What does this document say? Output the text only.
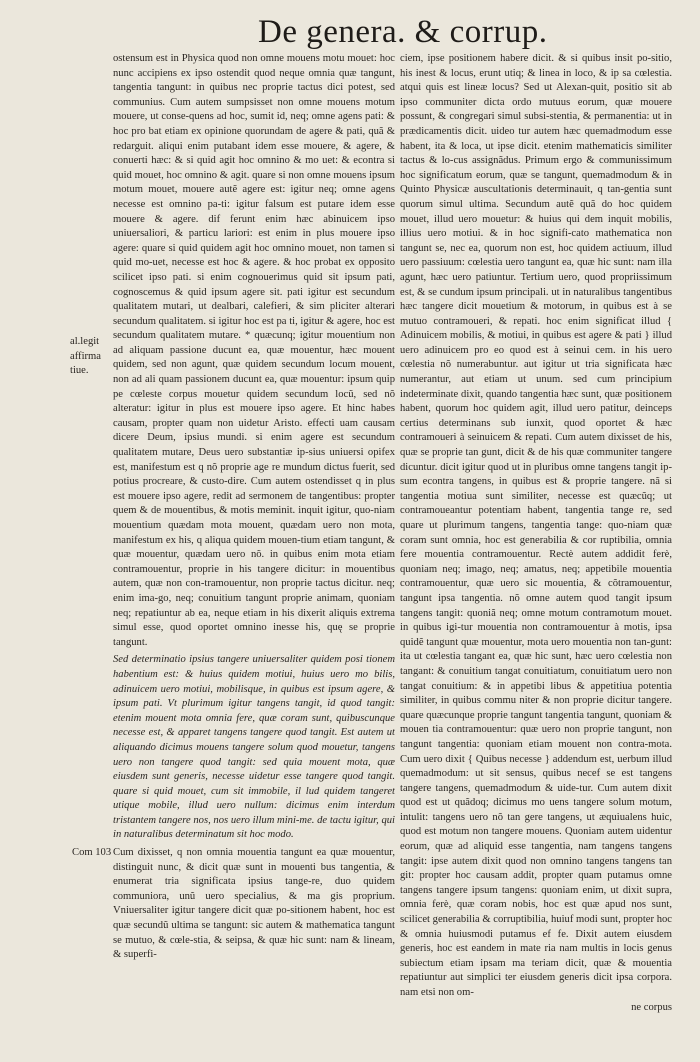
De genera. & corrup.
al.legit affirma tiue.
Com 103

ostensum est in Physica quod non omne mouens motu mouet: hoc nunc accipiens ex ipso ostendit quod neque omnia quæ tangunt, tangentia tangunt: in quibus nec proprie tactus dici potest, sed communius. Cum autem sumpsisset non omne mouens motum mouere, ut conse-quens ad hoc, sumit id, neq; omne agens pati: & hoc pro bat etiam ex opinione quorundam de agere & pati, quã & redarguit. aliqui enim putabant idem esse mouere, & agere, & conuerti hæc: & si quid agit hoc omnino & mo uet: & econtra si quid mouet, hoc omnino & agit. quare si non omne mouens ipsum motum mouet, mouere autẽ agere est: igitur neq; omne agens necesse est omnino pa-ti: igitur falsum est putare idem esse mouere & agere. dif ferunt enim hæc abinuicem ipso uniuersaliori, & particu lariori: est enim in plus mouere ipso agere: quare si quid quidem agit hoc omnino mouet, non tamen si quid mo-uet, necesse est hoc & agere. & hoc probat ex opposito scilicet ipso pati. si enim cognouerimus quid sit ipsum pati, cognoscemus & quid ipsum agere sit. pati igitur est secundum qualitatem mutari, ut dealbari, calefieri, & sim pliciter alterari secundum qualitatem. si igitur hoc est pa ti, igitur & agere, hoc est secundum qualitatem mutare. * quæcunq; igitur mouentium non ad aliquam passione ducunt ea, quæ mouentur, hæc mouent quidem, sed non agunt, quæ quidem secundum locum mouent, non ad ali quam passionem ducunt ea, quæ mouentur: ipsum quip pe cœleste corpus mouetur quidem secundum locũ, sed nõ alteratur: igitur in plus est mouere ipso agere. Et hinc habes causam, propter quam non uidetur Aristo. effecti uam causam dicere Deum, ipsius mundi. si enim agere est secundum qualitatem mutare, Deus uero substantiæ ip-sius uniuersi opifex est, manifestum est q nõ proprie age re mundum dictus fuerit, sed potius procreare, & custo-dire. Cum autem ostendisset q in plus est mouere ipso agere, redit ad sermonem de tangentibus: propter quem & de mouentibus, & motis meminit. inquit igitur, quo-niam mouentium quædam mota mouent, quædam uero non mota, manifestum ex his, q aliqua quidem mouen-tium etiam tangunt, & quæ mouentur, quædam uero nõ. in quibus enim mota etiam contramouentur, proprie in his tangere dicitur: in mouentibus autem, quæ non con-tramouentur, non proprie tactus dicitur. neq; enim ima-go, neq; conuitium tangunt proprie animam, quoniam neq; repatiuntur ab ea, neque etiam in his dixerit aliquis extrema simul esse, quod oportet omnino inesse his, quę se proprie tangunt.

Sed determinatio ipsius tangere uniuersaliter quidem posi tionem habentium est: & huius quidem motiui, huius uero mo bilis, adinuicem uero motiui, mobilisque, in quibus est ipsum agere, & ipsum pati. Vt plurimum igitur tangens tangit, id quod tangit: etenim mouent mota omnia fere, quæ coram sunt, quibuscunque necesse est, & apparet tangens tangere quod tangit. Est autem ut aliquando dicimus mouens tangere solum quod mouetur, tangens uero non tangere quod tangit: sed quia mouent mota, quæ eiusdem sunt generis, necesse uidetur esse tangere quod tangit. quare si quid mouet, cum sit immobile, il lud quidem tangeret utique mobile, illud uero nullum: dicimus enim interdum tristantem tangere nos, nos uero illum mini-me. de tactu igitur, qui in naturalibus determinatum sit hoc modo.

Cum dixisset, q non omnia mouentia tangunt ea quæ mouentur, distinguit nunc, & dicit quæ sunt in mouenti bus tangentia, & enumerat tria significata ipsius tange-re, duo quidem communiora, unũ uero specialius, & ma gis proprium. Vniuersaliter igitur tangere dicit quæ po-sitionem habent, hoc est quæ secundũ ultima se tangunt: sic autem & mathematica tangunt se mutuo, & cœle-stia, & seipsa, & quæ hic sunt: nam & lineam, & superfi-

ciem, ipse positionem habere dicit. & si quibus insit po-sitio, his inest & locus, erunt utiq; & linea in loco, & ip sa cœlestia. atqui quis est lineæ locus? Sed ut Alexan-quit, positio sit ab ipso communiter dicta ordo mutuus eorum, quæ mouere possunt, & congregari simul subsi-stentia, & permanentia: ut in prædicamentis dicit. uideo tur autem hæc quemadmodum esse habent, ita & loca, ut ipse dicit. etenim mathematicis similiter tactus & lo-cus assignãdus. Primum ergo & communissimum hoc significatum eorum, quæ se tangunt, quemadmodum & in Quinto Physicæ auscultationis determinauit, q tan-gentia sunt quorum simul ultima. Secundum autẽ quã do hoc quidem mouet, illud uero mouetur: & huius qui dem inquit mobilis, illius uero motiui. & in hoc signifi-cato mathematica non tangunt se, nec ea, quorum non est, hoc quidem actiuum, illud uero passiuum: cœlestia uero tangunt ea, quæ hic sunt: nam illa agunt, hæc uero patiuntur. Tertium uero, quod propriissimum est, & se cundum ipsum principali. ut in naturalibus tangentibus hæc tangere dicit mouetium & motorum, in quibus est à se mutuo contramoueri, & repati. hoc enim significat illud { Adinuicem mobilis, & motiui, in quibus est agere & pati } illud uero adinuicem pro eo quod est à seinui cem. in his uero cœlestia nõ numerabuntur. aut igitur ut tria significata hæc numerantur, aut etiam ut unum. sed cum principium indeterminate dixit, quando tangentia hæc sunt, quæ positionem habent, quorum hoc quidem agit, illud uero patitur, deinceps certius determinans sub iunxit, quod oportet & hæc contramoueri à seinuicem & repati. Cum autem dixisset de his, quæ se proprie tan gunt, dicit & de his quæ communiter tangere dicuntur. dicit igitur quod ut in pluribus omne tangens tangit ip-sum econtra tangens, in quibus est & proprie tangere. nã si tangentia motiua sunt similiter, necesse est quæcũq; ut contramoueantur potentiam habent, tangentia tange re, sed quare ut plurimum tangens, tangentia tange: quo-niam quæ coram sunt omnia, hoc est generabilia & cor ruptibilia, omnia fere mouentia contramouentur. Rectè autem addidit ferè, quoniam neq; imago, neq; amatus, neq; appetibile mouentia contramouentur, quæ uero sic mouentia, & cõtramouentur, tangunt ipsa tangentia. nõ omne autem quod tangit ipsum tangens tangit: quoniã neq; omne motum contramotum mouet. in quibus igi-tur mouentia non contramouentur à motis, ipsa quidẽ tangunt quæ mouentur, mota uero mouentia non tan-gunt: ita ut cœlestia tangant ea, quæ hic sunt, hæc uero cœlestia non tangant: & conuitium tangat conuitiatum, conuitiatum uero non tangat conuitium: & in appetibi libus & appetitiua potentia similiter, in quibus commu niter & non proprie dicitur tangere. quare quæcunque proprie tangunt tangentia tangunt, quoniam & mouen tia contramouentur: quæ uero non proprie tangunt, non tangunt tangentia: quoniam etiam mouent non contra-mota. Cum uero dixit { Quibus necesse } addendum est, uerbum illud quemadmodum: ut sit sensus, quibus necef se est tangens tangere tangens, quemadmodum & uide-tur. Cum autem dixit quod est ut quãdoq; dicimus mo uens tangere solum motum, intulit: tangens uero nõ tan gere tangens, ut æquiualens huic, quod est motum non tangere mouens. Quoniam autem uidentur eorum, quæ ad aliquid esse tangentia, nam tangens tangens tangit: ipse autem dixit quod non omnino tangens tangens tan git: propter hoc causam addit, propter quam putamus omne tangens tangere ipsum tangens: quoniam enim, ut dixit supra, omnia ferè, quæ coram nobis, hoc est quæ apud nos sunt, scilicet generabilia & corruptibilia, huiuf modi sunt, propter hoc & omnia huiusmodi putamus ef fe. Dixit autem eiusdem generis, hoc est eandem in mate ria nam multis in locis genus subiectum etiam ipsam ma teriam dicit, quæ & mouentia repatiuntur aut simplici ter eiusdem generis dicit ipsa corpora. nam etsi non om-

ne corpus
